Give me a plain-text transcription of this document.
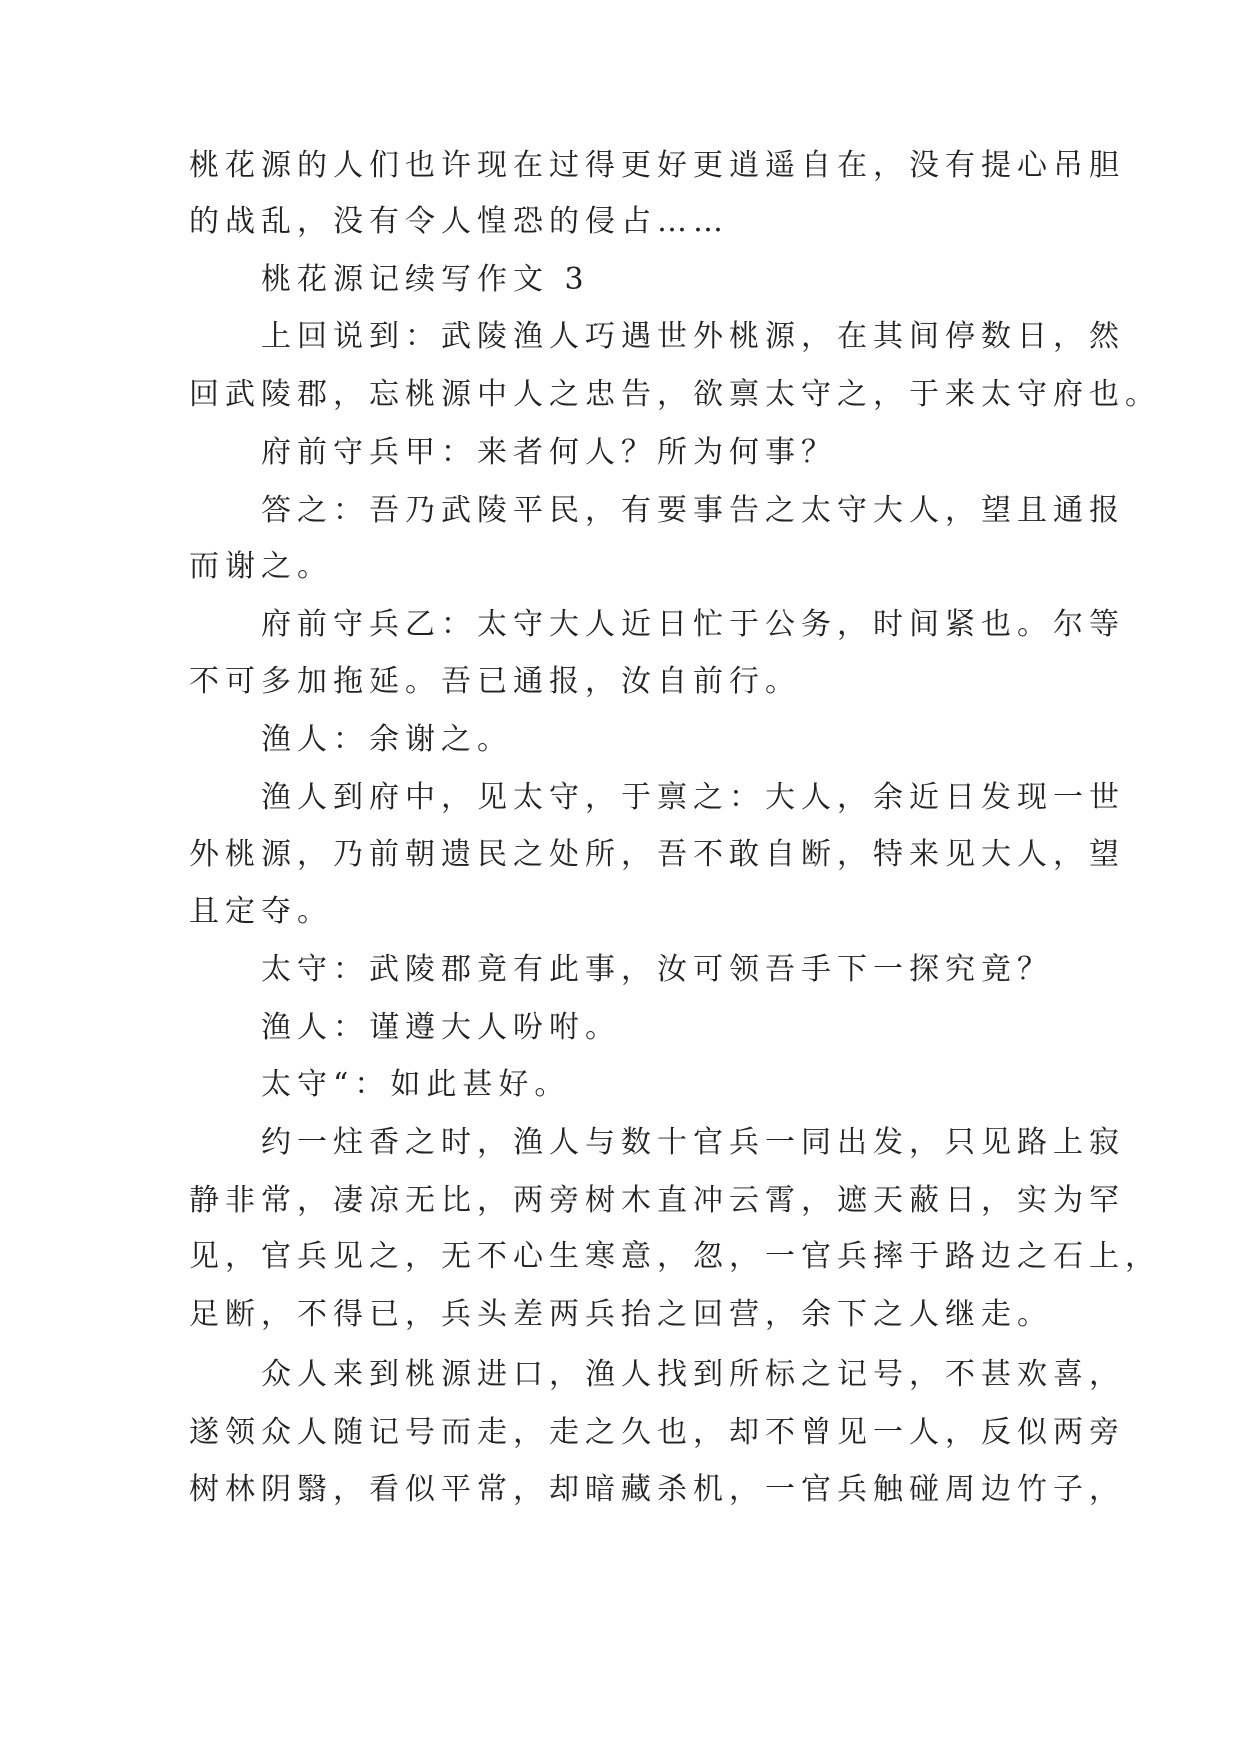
桃花源的人们也许现在过得更好更逍遥自在，没有提心吊胆
的战乱，没有令人惶恐的侵占……
　　桃花源记续写作文 3
　　上回说到：武陵渔人巧遇世外桃源，在其间停数日，然
回武陵郡，忘桃源中人之忠告，欲禀太守之，于来太守府也。
　　府前守兵甲：来者何人？所为何事？
　　答之：吾乃武陵平民，有要事告之太守大人，望且通报
而谢之。
　　府前守兵乙：太守大人近日忙于公务，时间紧也。尔等
不可多加拖延。吾已通报，汝自前行。
　　渔人：余谢之。
　　渔人到府中，见太守，于禀之：大人，余近日发现一世
外桃源，乃前朝遗民之处所，吾不敢自断，特来见大人，望
且定夺。
　　太守：武陵郡竟有此事，汝可领吾手下一探究竟？
　　渔人：谨遵大人吩咐。
　　太守“：如此甚好。
　　约一炷香之时，渔人与数十官兵一同出发，只见路上寂
静非常，凄凉无比，两旁树木直冲云霄，遮天蔽日，实为罕
见，官兵见之，无不心生寒意，忽，一官兵摔于路边之石上，
足断，不得已，兵头差两兵抬之回营，余下之人继走。
　　众人来到桃源进口，渔人找到所标之记号，不甚欢喜，
遂领众人随记号而走，走之久也，却不曾见一人，反似两旁
树林阴翳，看似平常，却暗藏杀机，一官兵触碰周边竹子，
